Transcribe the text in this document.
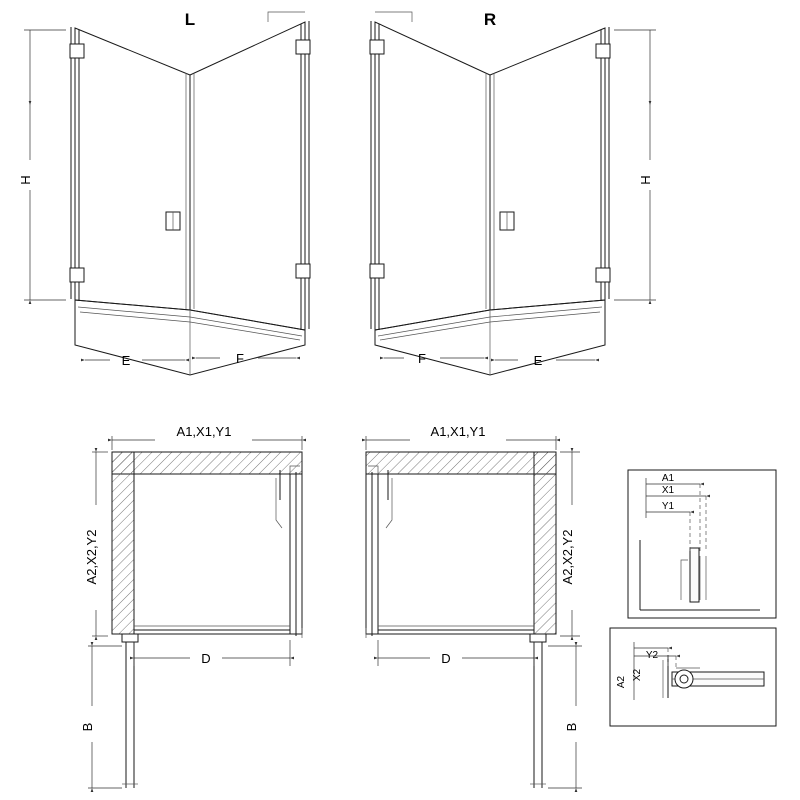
H
E	F
L
H
F	E
R
A1,X1,Y1
A2,X2,Y2
D
B
A1,X1,Y1
A2,X2,Y2
D
B
A1
X1
Y1
A2
X2
Y2
